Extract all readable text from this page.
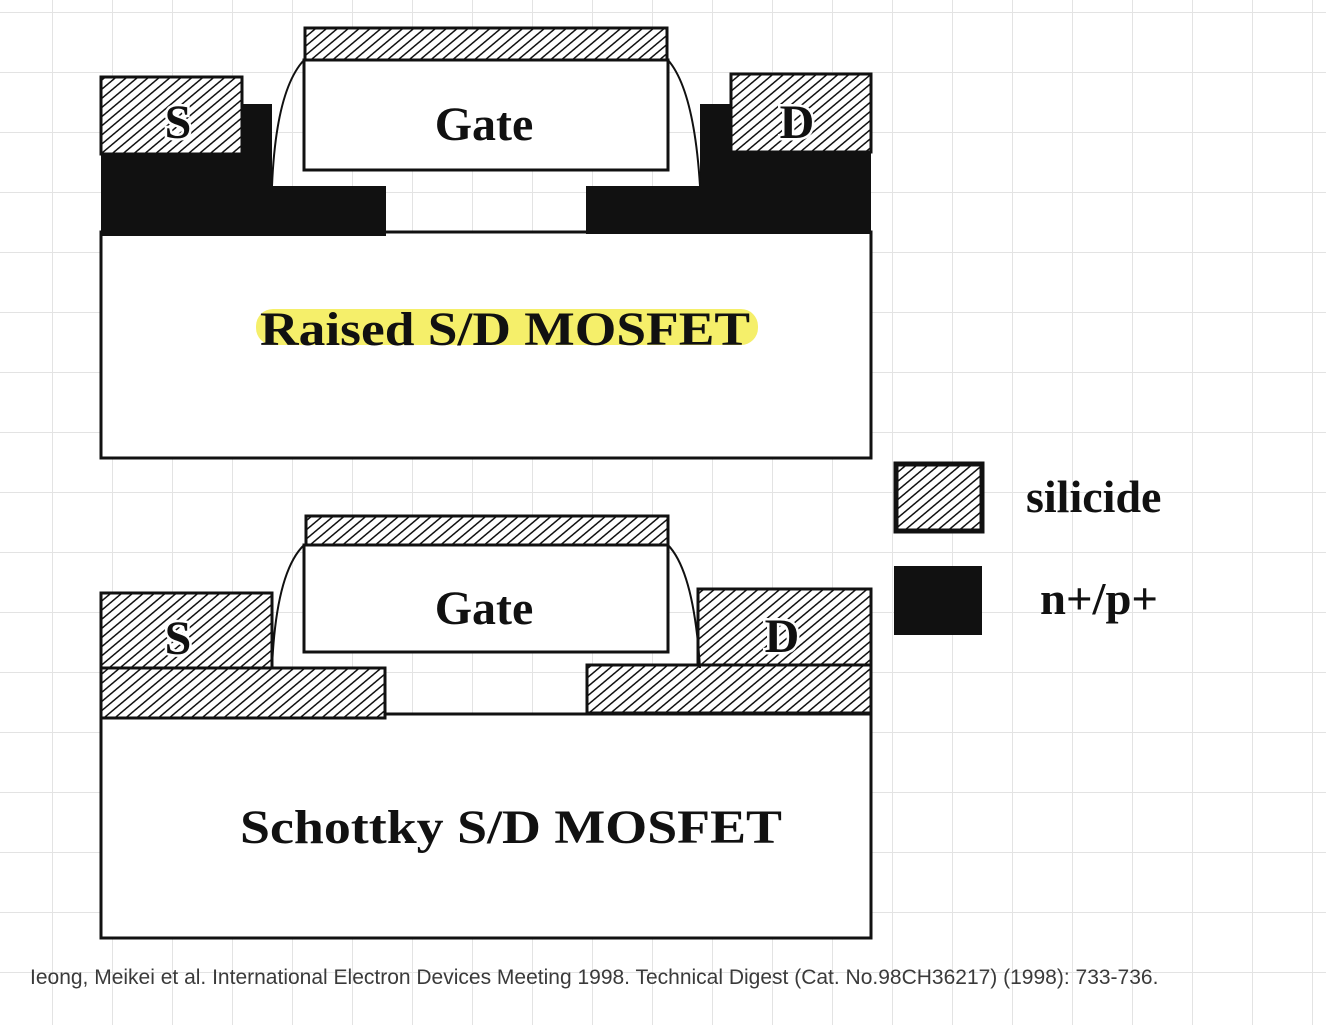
Gate
S	D
Raised S/D MOSFET
Gate
S	D
Schottky S/D MOSFET
silicide
n+/p+
Ieong, Meikei et al. International Electron Devices Meeting 1998. Technical Digest (Cat. No.98CH36217) (1998): 733-736.
